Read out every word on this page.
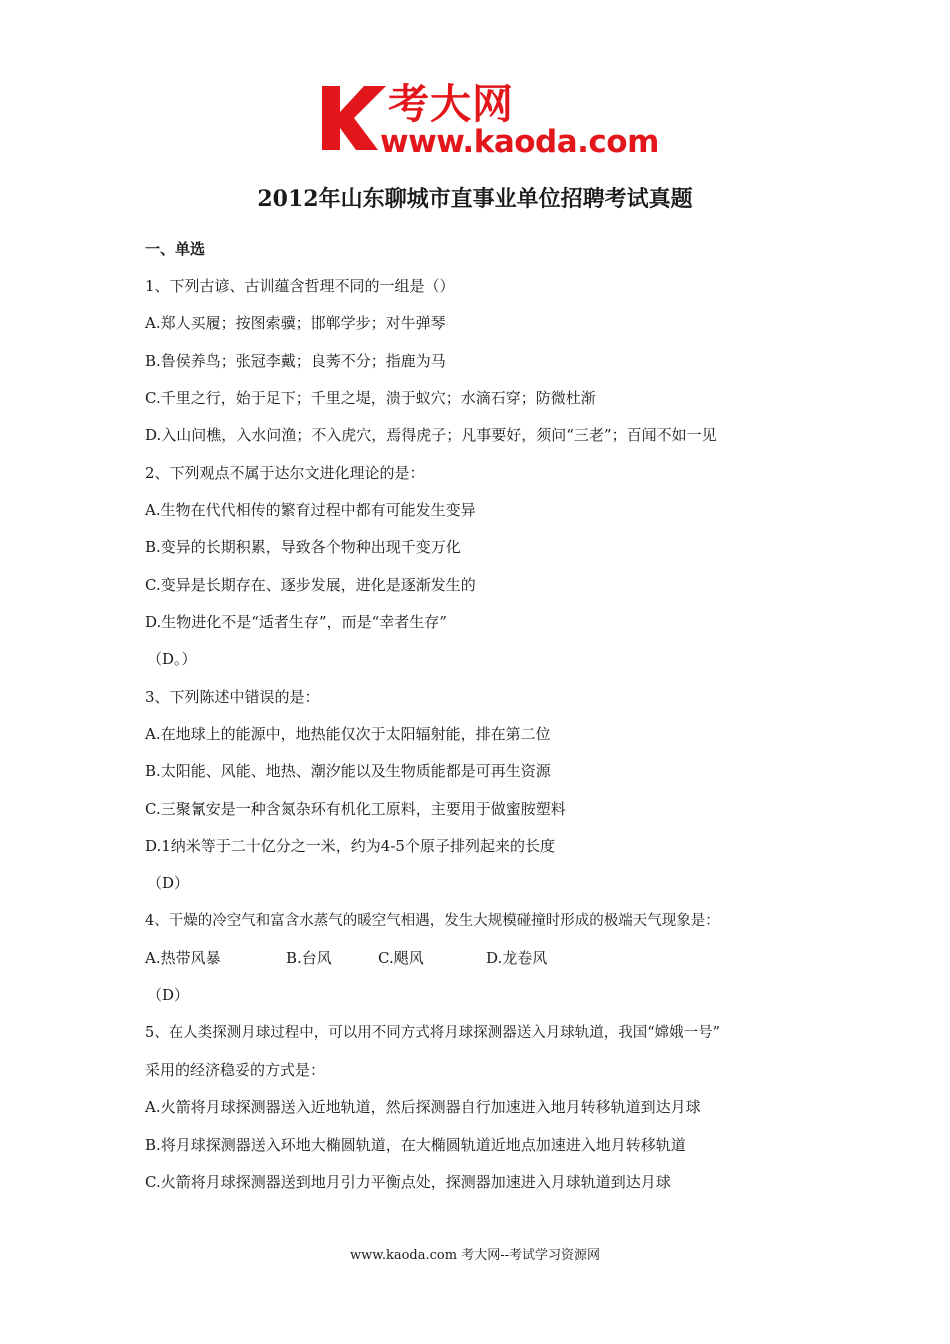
考大网
www.kaoda.com
2012年山东聊城市直事业单位招聘考试真题
一、单选
1、下列古谚、古训蕴含哲理不同的一组是（）
A.郑人买履；按图索骥；邯郸学步；对牛弹琴
B.鲁侯养鸟；张冠李戴；良莠不分；指鹿为马
C.千里之行，始于足下；千里之堤，溃于蚁穴；水滴石穿；防微杜渐
D.入山问樵，入水问渔；不入虎穴，焉得虎子；凡事要好，须问“三老”；百闻不如一见
2、下列观点不属于达尔文进化理论的是：
A.生物在代代相传的繁育过程中都有可能发生变异
B.变异的长期积累，导致各个物种出现千变万化
C.变异是长期存在、逐步发展，进化是逐渐发生的
D.生物进化不是“适者生存”，而是“幸者生存”
（D。）
3、下列陈述中错误的是：
A.在地球上的能源中，地热能仅次于太阳辐射能，排在第二位
B.太阳能、风能、地热、潮汐能以及生物质能都是可再生资源
C.三聚氰安是一种含氮杂环有机化工原料，主要用于做蜜胺塑料
D.1纳米等于二十亿分之一米，约为4-5个原子排列起来的长度
（D）
4、干燥的冷空气和富含水蒸气的暖空气相遇，发生大规模碰撞时形成的极端天气现象是：
A.热带风暴	B.台风	C.飓风	D.龙卷风
（D）
5、在人类探测月球过程中，可以用不同方式将月球探测器送入月球轨道，我国“嫦娥一号”
采用的经济稳妥的方式是：
A.火箭将月球探测器送入近地轨道，然后探测器自行加速进入地月转移轨道到达月球
B.将月球探测器送入环地大椭圆轨道，在大椭圆轨道近地点加速进入地月转移轨道
C.火箭将月球探测器送到地月引力平衡点处，探测器加速进入月球轨道到达月球
www.kaoda.com 考大网--考试学习资源网
